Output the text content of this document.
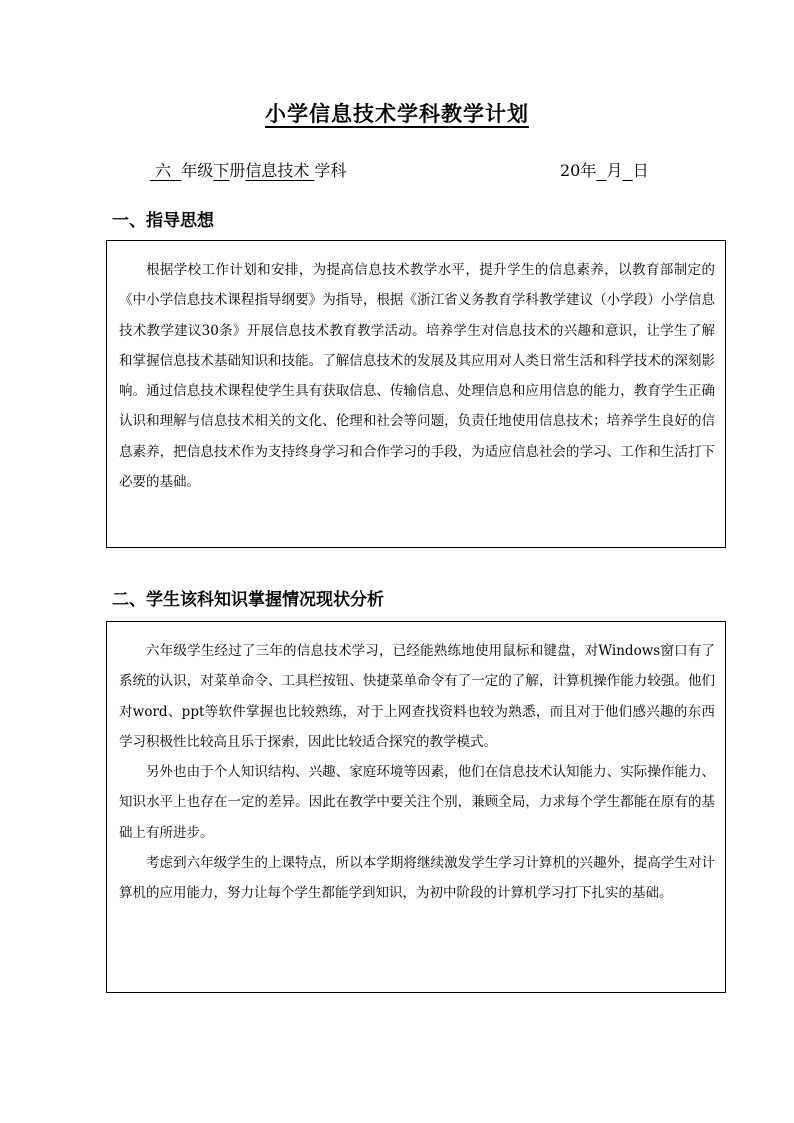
小学信息技术学科教学计划
六  年级下册信息技术 学科	20年 月 日
一、指导思想

根据学校工作计划和安排，为提高信息技术教学水平，提升学生的信息素养，以教育部制定的《中小学信息技术课程指导纲要》为指导，根据《浙江省义务教育学科教学建议（小学段）小学信息技术教学建议30条》开展信息技术教育教学活动。培养学生对信息技术的兴趣和意识，让学生了解和掌握信息技术基础知识和技能。了解信息技术的发展及其应用对人类日常生活和科学技术的深刻影响。通过信息技术课程使学生具有获取信息、传输信息、处理信息和应用信息的能力，教育学生正确认识和理解与信息技术相关的文化、伦理和社会等问题，负责任地使用信息技术；培养学生良好的信息素养，把信息技术作为支持终身学习和合作学习的手段，为适应信息社会的学习、工作和生活打下必要的基础。

二、学生该科知识掌握情况现状分析

六年级学生经过了三年的信息技术学习，已经能熟练地使用鼠标和键盘，对Windows窗口有了系统的认识，对菜单命令、工具栏按钮、快捷菜单命令有了一定的了解，计算机操作能力较强。他们对word、ppt等软件掌握也比较熟练，对于上网查找资料也较为熟悉，而且对于他们感兴趣的东西学习积极性比较高且乐于探索，因此比较适合探究的教学模式。

另外也由于个人知识结构、兴趣、家庭环境等因素，他们在信息技术认知能力、实际操作能力、知识水平上也存在一定的差异。因此在教学中要关注个别，兼顾全局，力求每个学生都能在原有的基础上有所进步。

考虑到六年级学生的上课特点，所以本学期将继续激发学生学习计算机的兴趣外，提高学生对计算机的应用能力，努力让每个学生都能学到知识，为初中阶段的计算机学习打下扎实的基础。
